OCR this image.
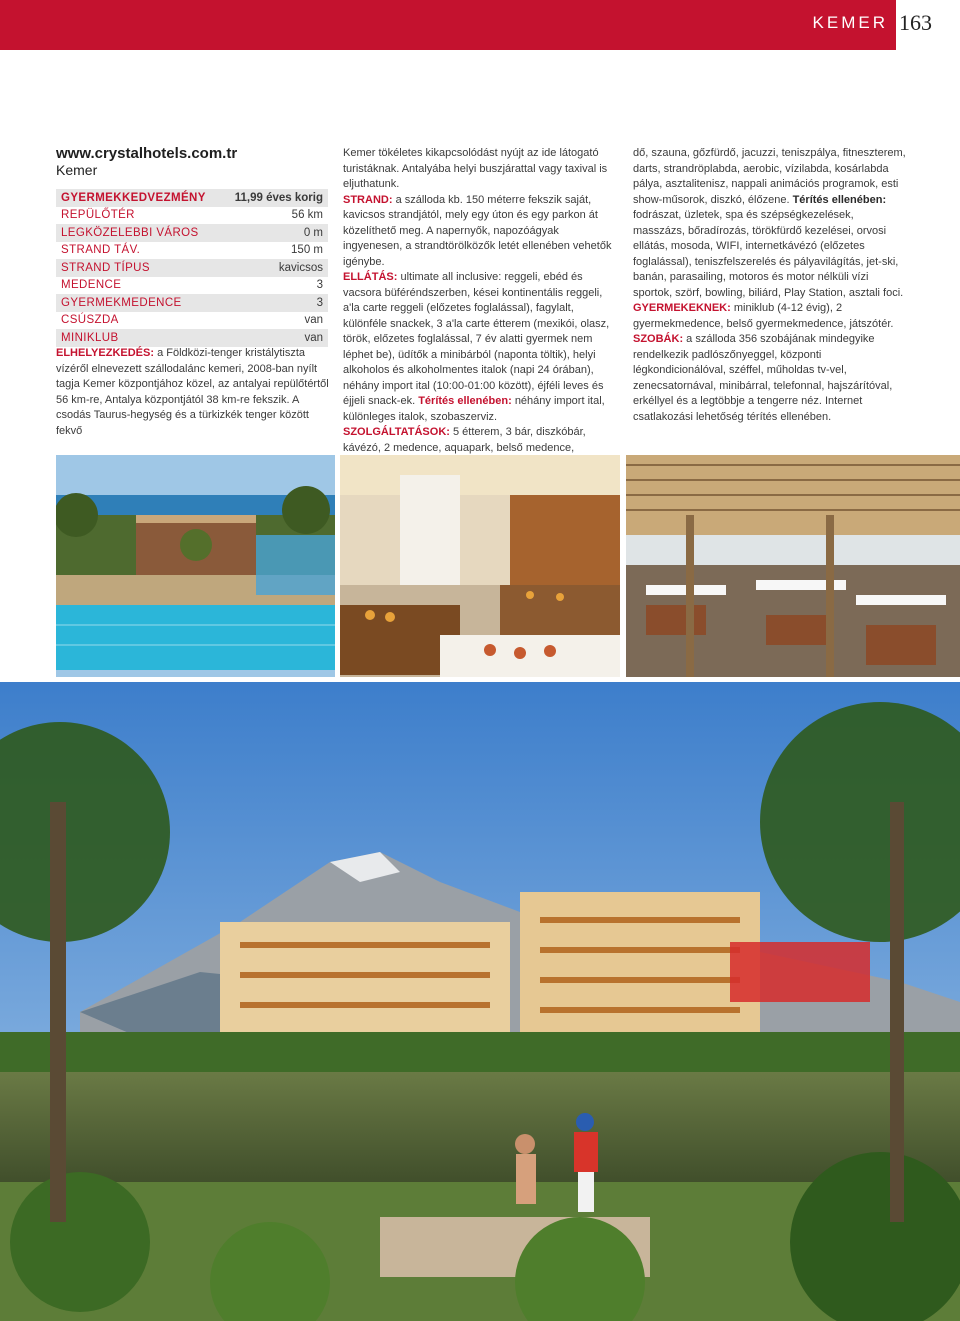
KEMER 163
www.crystalhotels.com.tr
Kemer
GYERMEKKEDVEZMÉNY	11,99 éves korig
REPÜLŐTÉR	56 km
LEGKÖZELEBBI VÁROS	0 m
STRAND TÁV.	150 m
STRAND TÍPUS	kavicsos
MEDENCE	3
GYERMEKMEDENCE	3
CSÚSZDA	van
MINIKLUB	van

ELHELYEZKEDÉS: a Földközi-tenger kristálytiszta vízéről elnevezett szállodalánc kemeri, 2008-ban nyílt tagja Kemer központjához közel, az antalyai repülőtértől 56 km-re, Antalya központjától 38 km-re fekszik. A csodás Taurus-hegység és a türkizkék tenger között fekvő

Kemer tökéletes kikapcsolódást nyújt az ide látogató turistáknak. Antalyába helyi buszjárattal vagy taxival is eljuthatunk.

STRAND: a szálloda kb. 150 méterre fekszik saját, kavicsos strandjától, mely egy úton és egy parkon át közelíthető meg. A napernyők, napozóágyak ingyenesen, a strandtörölközők letét ellenében vehetők igénybe.

ELLÁTÁS: ultimate all inclusive: reggeli, ebéd és vacsora büféréndszerben, kései kontinentális reggeli, a'la carte reggeli (előzetes foglalással), fagylalt, különféle snackek, 3 a'la carte étterem (mexikói, olasz, török, előzetes foglalással, 7 év alatti gyermek nem léphet be), üdítők a minibárból (naponta töltik), helyi alkoholos és alkoholmentes italok (napi 24 órában), néhány import ital (10:00-01:00 között), éjféli leves és éjjeli snack-ek. Térítés ellenében: néhány import ital, különleges italok, szobaszerviz.

SZOLGÁLTATÁSOK: 5 étterem, 3 bár, diszkóbár, kávézó, 2 medence, aquapark, belső medence,

dő, szauna, gőzfürdő, jacuzzi, teniszpálya, fitneszterem, darts, strandröplabda, aerobic, vízilabda, kosárlabda pálya, asztalitenisz, nappali animációs programok, esti show-műsorok, diszkó, élőzene. Térítés ellenében: fodrászat, üzletek, spa és szépségkezelések, masszázs, bőradírozás, törökfürdő kezelései, orvosi ellátás, mosoda, WIFI, internetkávézó (előzetes foglalással), teniszfelszerelés és pályavilágítás, jet-ski, banán, parasailing, motoros és motor nélküli vízi sportok, szörf, bowling, biliárd, Play Station, asztali foci.

GYERMEKEKNEK: miniklub (4-12 évig), 2 gyermekmedence, belső gyermekmedence, játszótér.

SZOBÁK: a szálloda 356 szobájának mindegyike rendelkezik padlószőnyeggel, központi légkondicionálóval, széffel, műholdas tv-vel, zenecsatornával, minibárral, telefonnal, hajszárítóval, erkéllyel és a legtöbbje a tengerre néz. Internet csatlakozási lehetőség térítés ellenében.
